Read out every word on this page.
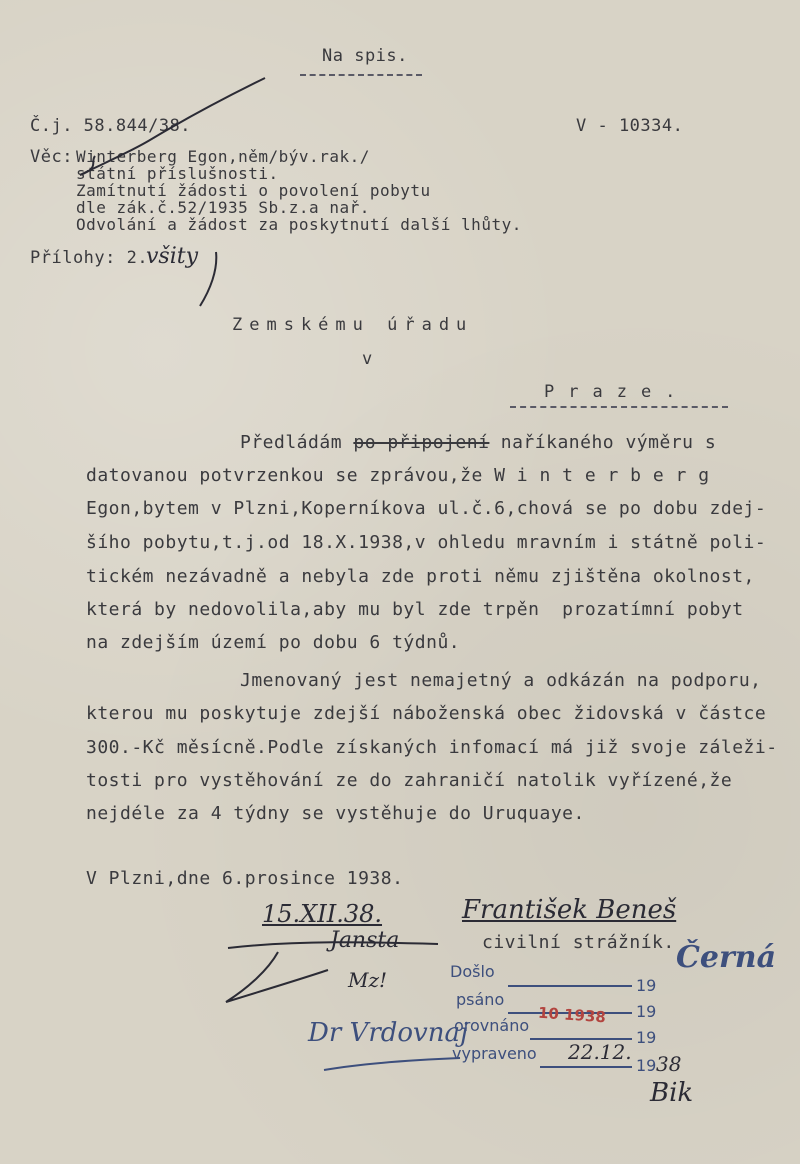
Na spis.
Č.j. 58.844/38.	V - 10334.
Věc: Winterberg Egon,něm/býv.rak./
státní příslušnosti.
Zamítnutí žádosti o povolení pobytu
dle zák.č.52/1935 Sb.z.a nař.
Odvolání a žádost za poskytnutí další lhůty.
Přílohy: 2.
všity
Zemskému úřadu
v
Praze.
Předládám po připojení naříkaného výměru s
datovanou potvrzenkou se zprávou,že W i n t e r b e r g
Egon,bytem v Plzni,Koperníkova ul.č.6,chová se po dobu zdej-
šího pobytu,t.j.od 18.X.1938,v ohledu mravním i státně poli-
tickém nezávadně a nebyla zde proti němu zjištěna okolnost,
která by nedovolila,aby mu byl zde trpěn  prozatímní pobyt
na zdejším území po dobu 6 týdnů.
Jmenovaný jest nemajetný a odkázán na podporu,
kterou mu poskytuje zdejší náboženská obec židovská v částce
300.-Kč měsícně.Podle získaných infomací má již svoje záleži-
tosti pro vystěhování ze do zahraničí natolik vyřízené,že
nejdéle za 4 týdny se vystěhuje do Uruquaye.
V Plzni,dne 6.prosince 1938.
František Beneš
civilní strážník.
15.XII.38.
Jansta
Mz!
Dr Vrdovnaj
Černá
Bik
Došlo
19
psáno
19
orovnáno
19
vypraveno
19
10 1938
22.12. 38
